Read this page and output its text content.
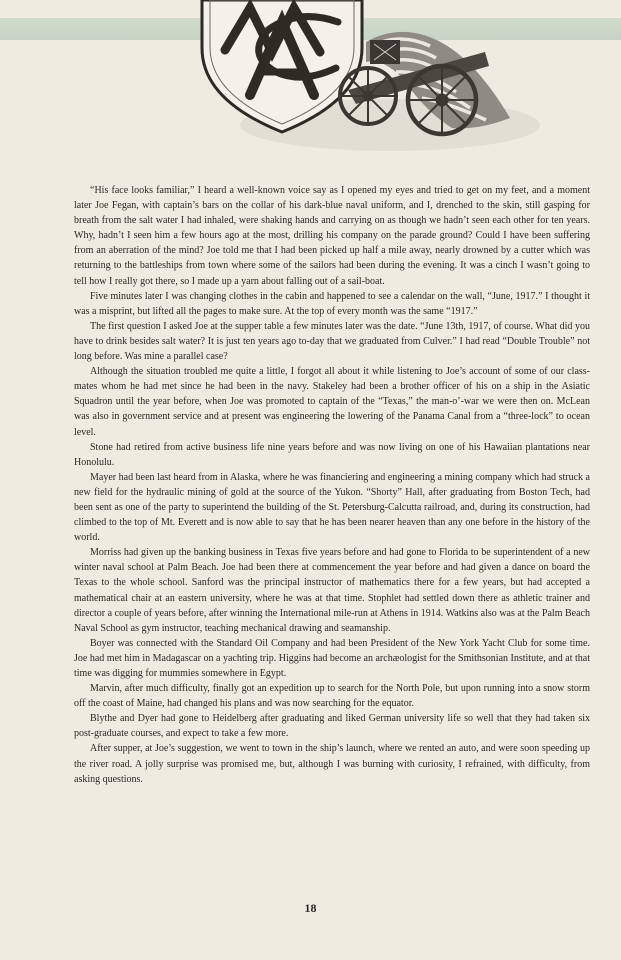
“His face looks familiar,” I heard a well-known voice say as I opened my eyes and tried to get on my feet, and a moment later Joe Fegan, with captain’s bars on the collar of his dark-blue naval uniform, and I, drenched to the skin, still gasping for breath from the salt water I had inhaled, were shaking hands and carrying on as though we hadn’t seen each other for ten years. Why, hadn’t I seen him a few hours ago at the most, drilling his company on the parade ground? Could I have been suffering from an aberration of the mind? Joe told me that I had been picked up half a mile away, nearly drowned by a cutter which was returning to the battleships from town where some of the sailors had been during the evening. It was a cinch I wasn’t going to tell how I really got there, so I made up a yarn about falling out of a sail-boat.

Five minutes later I was changing clothes in the cabin and happened to see a calendar on the wall, “June, 1917.” I thought it was a misprint, but lifted all the pages to make sure. At the top of every month was the same “1917.”

The first question I asked Joe at the supper table a few minutes later was the date. “June 13th, 1917, of course. What did you have to drink besides salt water? It is just ten years ago to-day that we graduated from Culver.” I had read “Double Trouble” not long before. Was mine a parallel case?

Although the situation troubled me quite a little, I forgot all about it while listening to Joe’s account of some of our class-mates whom he had met since he had been in the navy. Stakeley had been a brother officer of his on a ship in the Asiatic Squadron until the year before, when Joe was promoted to captain of the “Texas,” the man-o’-war we were then on. McLean was also in government service and at present was engineering the lowering of the Panama Canal from a “three-lock” to ocean level.

Stone had retired from active business life nine years before and was now living on one of his Hawaiian plantations near Honolulu.

Mayer had been last heard from in Alaska, where he was financiering and engineering a mining company which had struck a new field for the hydraulic mining of gold at the source of the Yukon. “Shorty” Hall, after graduating from Boston Tech, had been sent as one of the party to superintend the building of the St. Petersburg-Calcutta railroad, and, during its construction, had climbed to the top of Mt. Everett and is now able to say that he has been nearer heaven than any one before in the history of the world.

Morriss had given up the banking business in Texas five years before and had gone to Florida to be superintendent of a new winter naval school at Palm Beach. Joe had been there at commencement the year before and had given a dance on board the Texas to the whole school. Sanford was the principal instructor of mathematics there for a few years, but had accepted a mathematical chair at an eastern university, where he was at that time. Stophlet had settled down there as athletic trainer and director a couple of years before, after winning the International mile-run at Athens in 1914. Watkins also was at the Palm Beach Naval School as gym instructor, teaching mechanical drawing and seamanship.

Boyer was connected with the Standard Oil Company and had been President of the New York Yacht Club for some time. Joe had met him in Madagascar on a yachting trip. Higgins had become an archæologist for the Smithsonian Institute, and at that time was digging for mummies somewhere in Egypt.

Marvin, after much difficulty, finally got an expedition up to search for the North Pole, but upon running into a snow storm off the coast of Maine, had changed his plans and was now searching for the equator.

Blythe and Dyer had gone to Heidelberg after graduating and liked German university life so well that they had taken six post-graduate courses, and expect to take a few more.

After supper, at Joe’s suggestion, we went to town in the ship’s launch, where we rented an auto, and were soon speeding up the river road. A jolly surprise was promised me, but, although I was burning with curiosity, I refrained, with difficulty, from asking questions.

18
